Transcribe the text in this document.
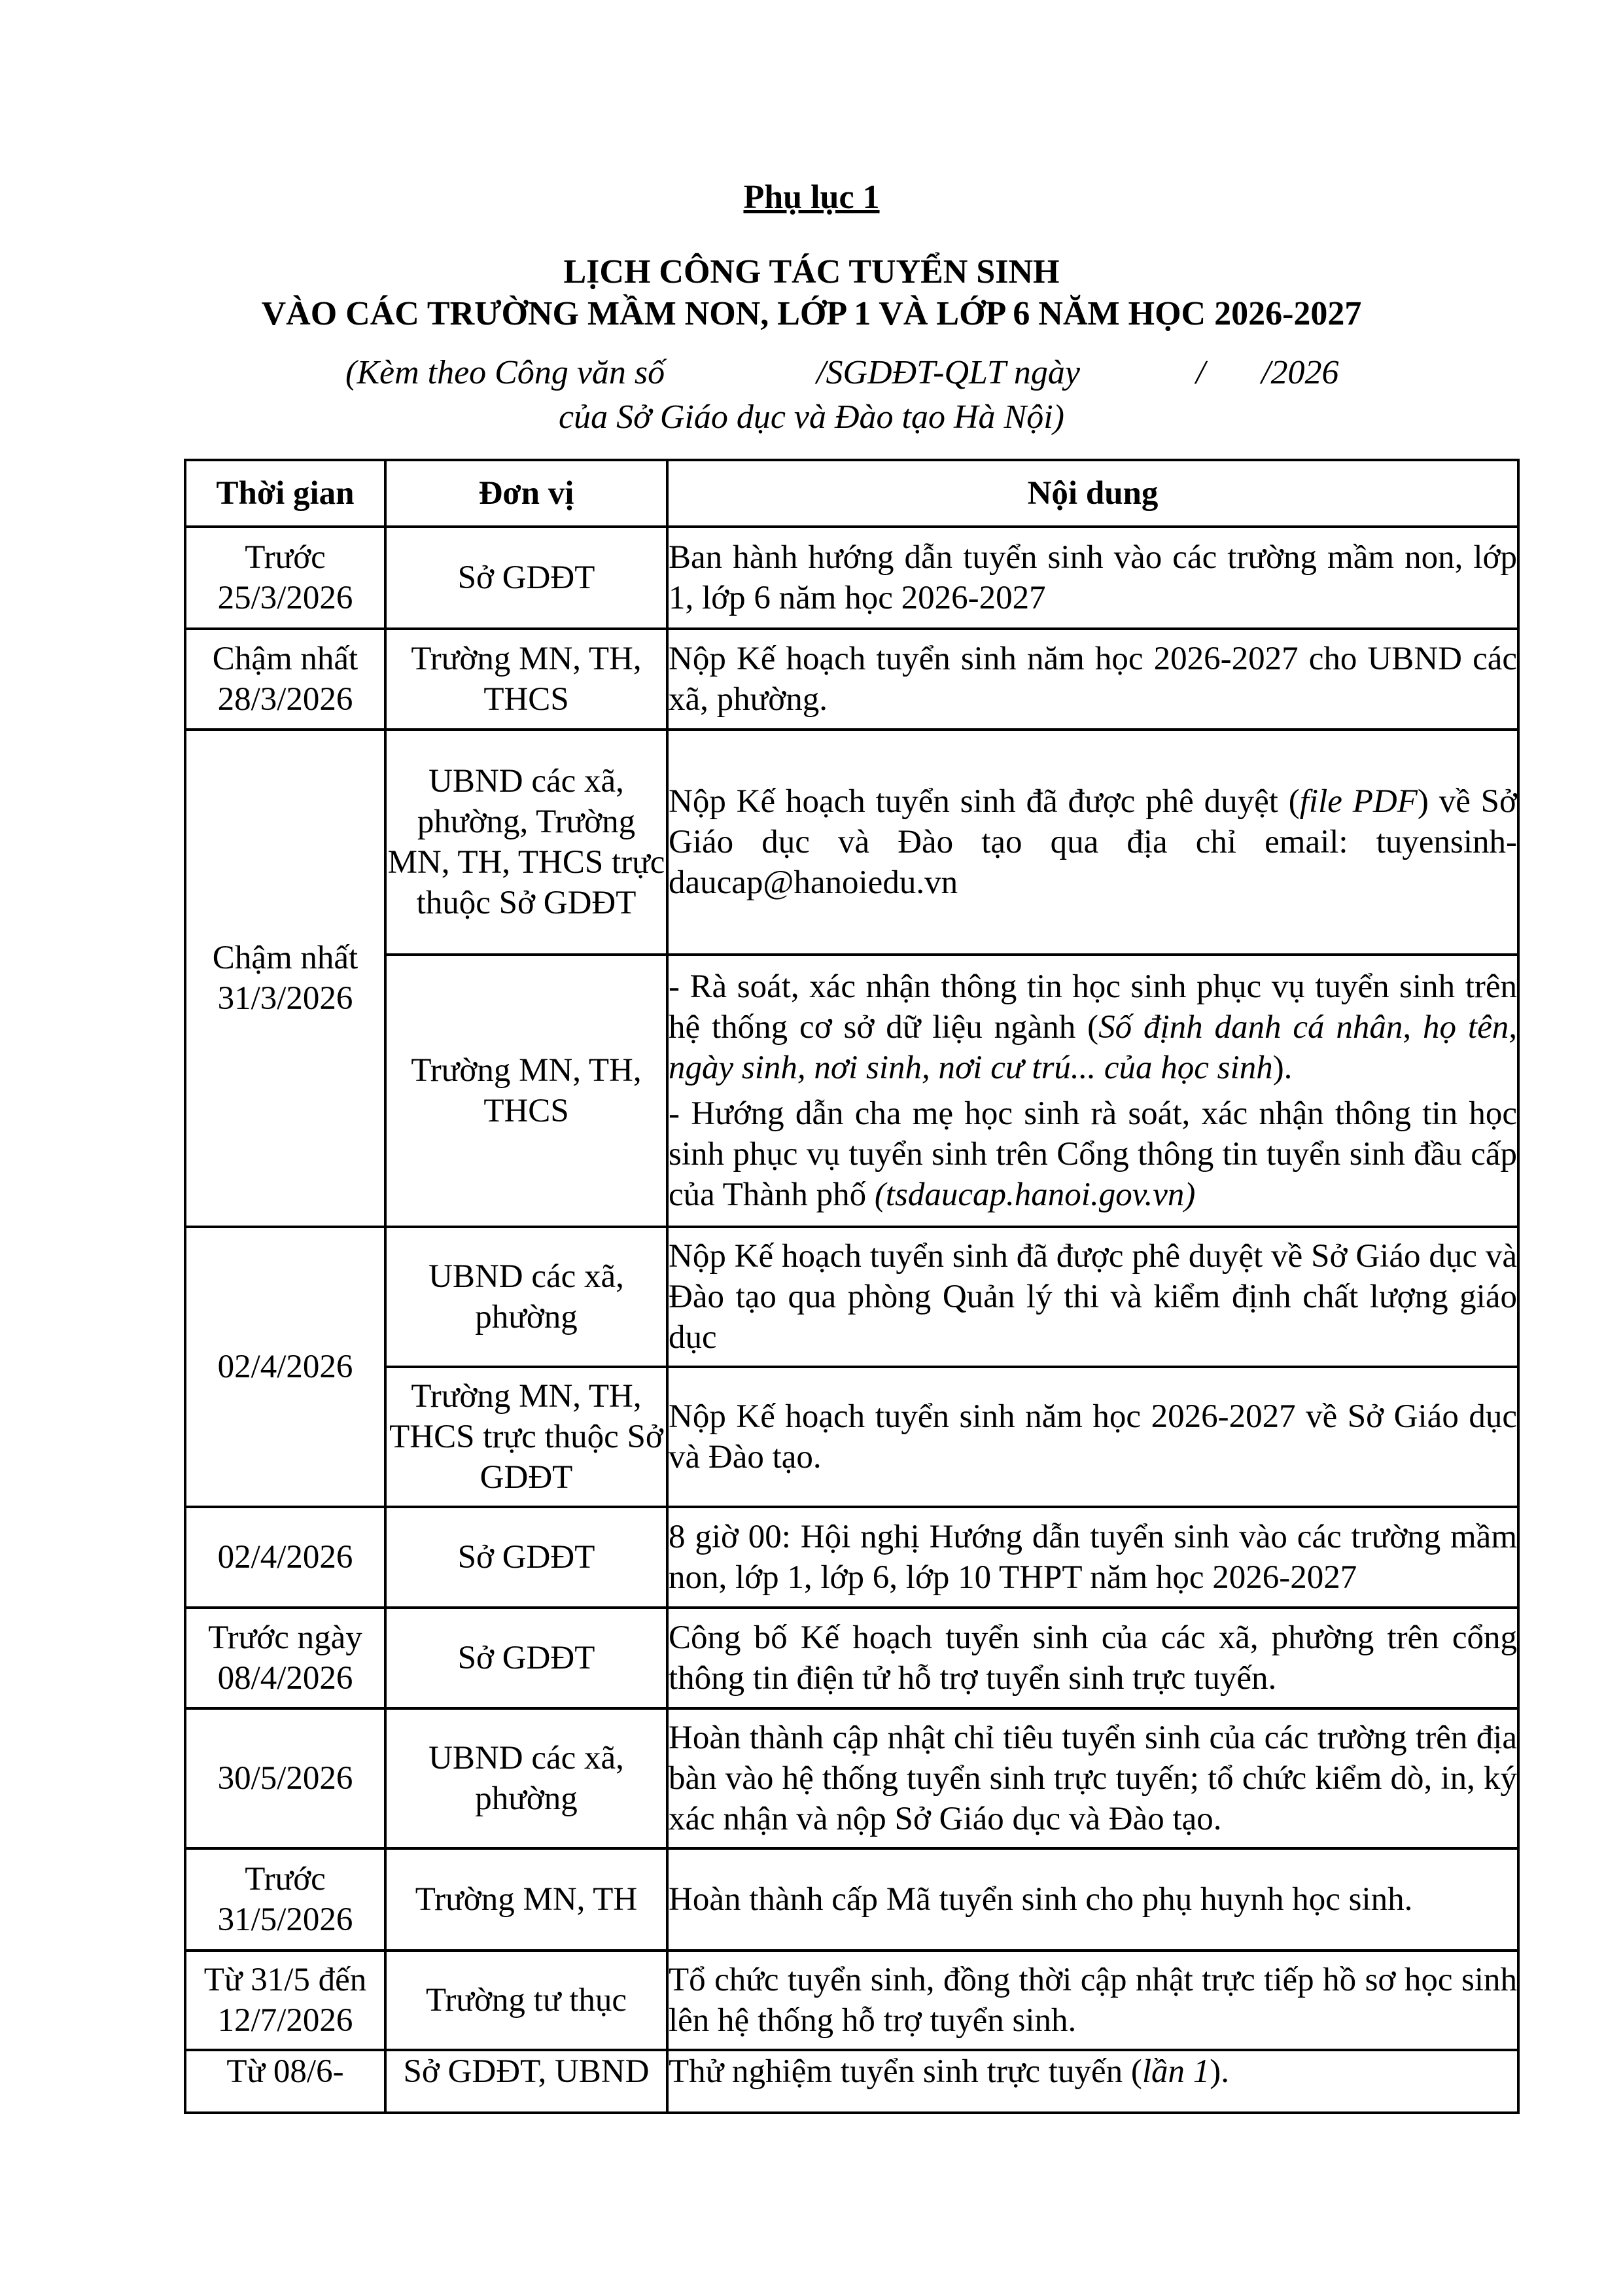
Phụ lục 1
LỊCH CÔNG TÁC TUYỂN SINH
VÀO CÁC TRƯỜNG MẦM NON, LỚP 1 VÀ LỚP 6 NĂM HỌC 2026-2027
(Kèm theo Công văn số	/SGDĐT-QLT ngày	/ /2026
của Sở Giáo dục và Đào tạo Hà Nội)
Thời gian	Đơn vị	Nội dung
Trước 25/3/2026	Sở GDĐT	Ban hành hướng dẫn tuyển sinh vào các trường mầm non, lớp 1, lớp 6 năm học 2026-2027
Chậm nhất 28/3/2026	Trường MN, TH, THCS	Nộp Kế hoạch tuyển sinh năm học 2026-2027 cho UBND các xã, phường.
Chậm nhất 31/3/2026	UBND các xã, phường, Trường MN, TH, THCS trực thuộc Sở GDĐT	Nộp Kế hoạch tuyển sinh đã được phê duyệt (file PDF) về Sở Giáo dục và Đào tạo qua địa chỉ email: tuyensinh-daucap@hanoiedu.vn
	Trường MN, TH, THCS	- Rà soát, xác nhận thông tin học sinh phục vụ tuyển sinh trên hệ thống cơ sở dữ liệu ngành (Số định danh cá nhân, họ tên, ngày sinh, nơi sinh, nơi cư trú... của học sinh).
- Hướng dẫn cha mẹ học sinh rà soát, xác nhận thông tin học sinh phục vụ tuyển sinh trên Cổng thông tin tuyển sinh đầu cấp của Thành phố (tsdaucap.hanoi.gov.vn)

02/4/2026	UBND các xã, phường	Nộp Kế hoạch tuyển sinh đã được phê duyệt về Sở Giáo dục và Đào tạo qua phòng Quản lý thi và kiểm định chất lượng giáo dục
	Trường MN, TH, THCS trực thuộc Sở GDĐT	Nộp Kế hoạch tuyển sinh năm học 2026-2027 về Sở Giáo dục và Đào tạo.
02/4/2026	Sở GDĐT	8 giờ 00: Hội nghị Hướng dẫn tuyển sinh vào các trường mầm non, lớp 1, lớp 6, lớp 10 THPT năm học 2026-2027
Trước ngày 08/4/2026	Sở GDĐT	Công bố Kế hoạch tuyển sinh của các xã, phường trên cổng thông tin điện tử hỗ trợ tuyển sinh trực tuyến.
30/5/2026	UBND các xã, phường	Hoàn thành cập nhật chỉ tiêu tuyển sinh của các trường trên địa bàn vào hệ thống tuyển sinh trực tuyến; tổ chức kiểm dò, in, ký xác nhận và nộp Sở Giáo dục và Đào tạo.
Trước 31/5/2026	Trường MN, TH	Hoàn thành cấp Mã tuyển sinh cho phụ huynh học sinh.
Từ 31/5 đến 12/7/2026	Trường tư thục	Tổ chức tuyển sinh, đồng thời cập nhật trực tiếp hồ sơ học sinh lên hệ thống hỗ trợ tuyển sinh.
Từ 08/6-	Sở GDĐT, UBND	Thử nghiệm tuyển sinh trực tuyến (lần 1).
